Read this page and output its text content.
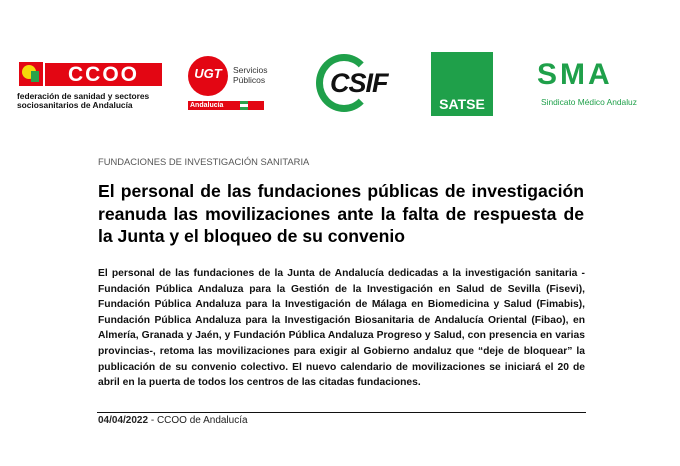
CCOO
federación de sanidad y sectores
sociosanitarios de Andalucía
UGT	Servicios
Públicos
Andalucía
CSIF
SATSE
SMA
Sindicato Médico Andaluz
FUNDACIONES DE INVESTIGACIÓN SANITARIA
El personal de las fundaciones públicas de investigación reanuda las movilizaciones ante la falta de respuesta de la Junta y el bloqueo de su convenio

El personal de las fundaciones de la Junta de Andalucía dedicadas a la investigación sanitaria -Fundación Pública Andaluza para la Gestión de la Investigación en Salud de Sevilla (Fisevi), Fundación Pública Andaluza para la Investigación de Málaga en Biomedicina y Salud (Fimabis), Fundación Pública Andaluza para la Investigación Biosanitaria de Andalucía Oriental (Fibao), en Almería, Granada y Jaén, y Fundación Pública Andaluza Progreso y Salud, con presencia en varias provincias-, retoma las movilizaciones para exigir al Gobierno andaluz que “deje de bloquear” la publicación de su convenio colectivo. El nuevo calendario de movilizaciones se iniciará el 20 de abril en la puerta de todos los centros de las citadas fundaciones.

04/04/2022 - CCOO de Andalucía
